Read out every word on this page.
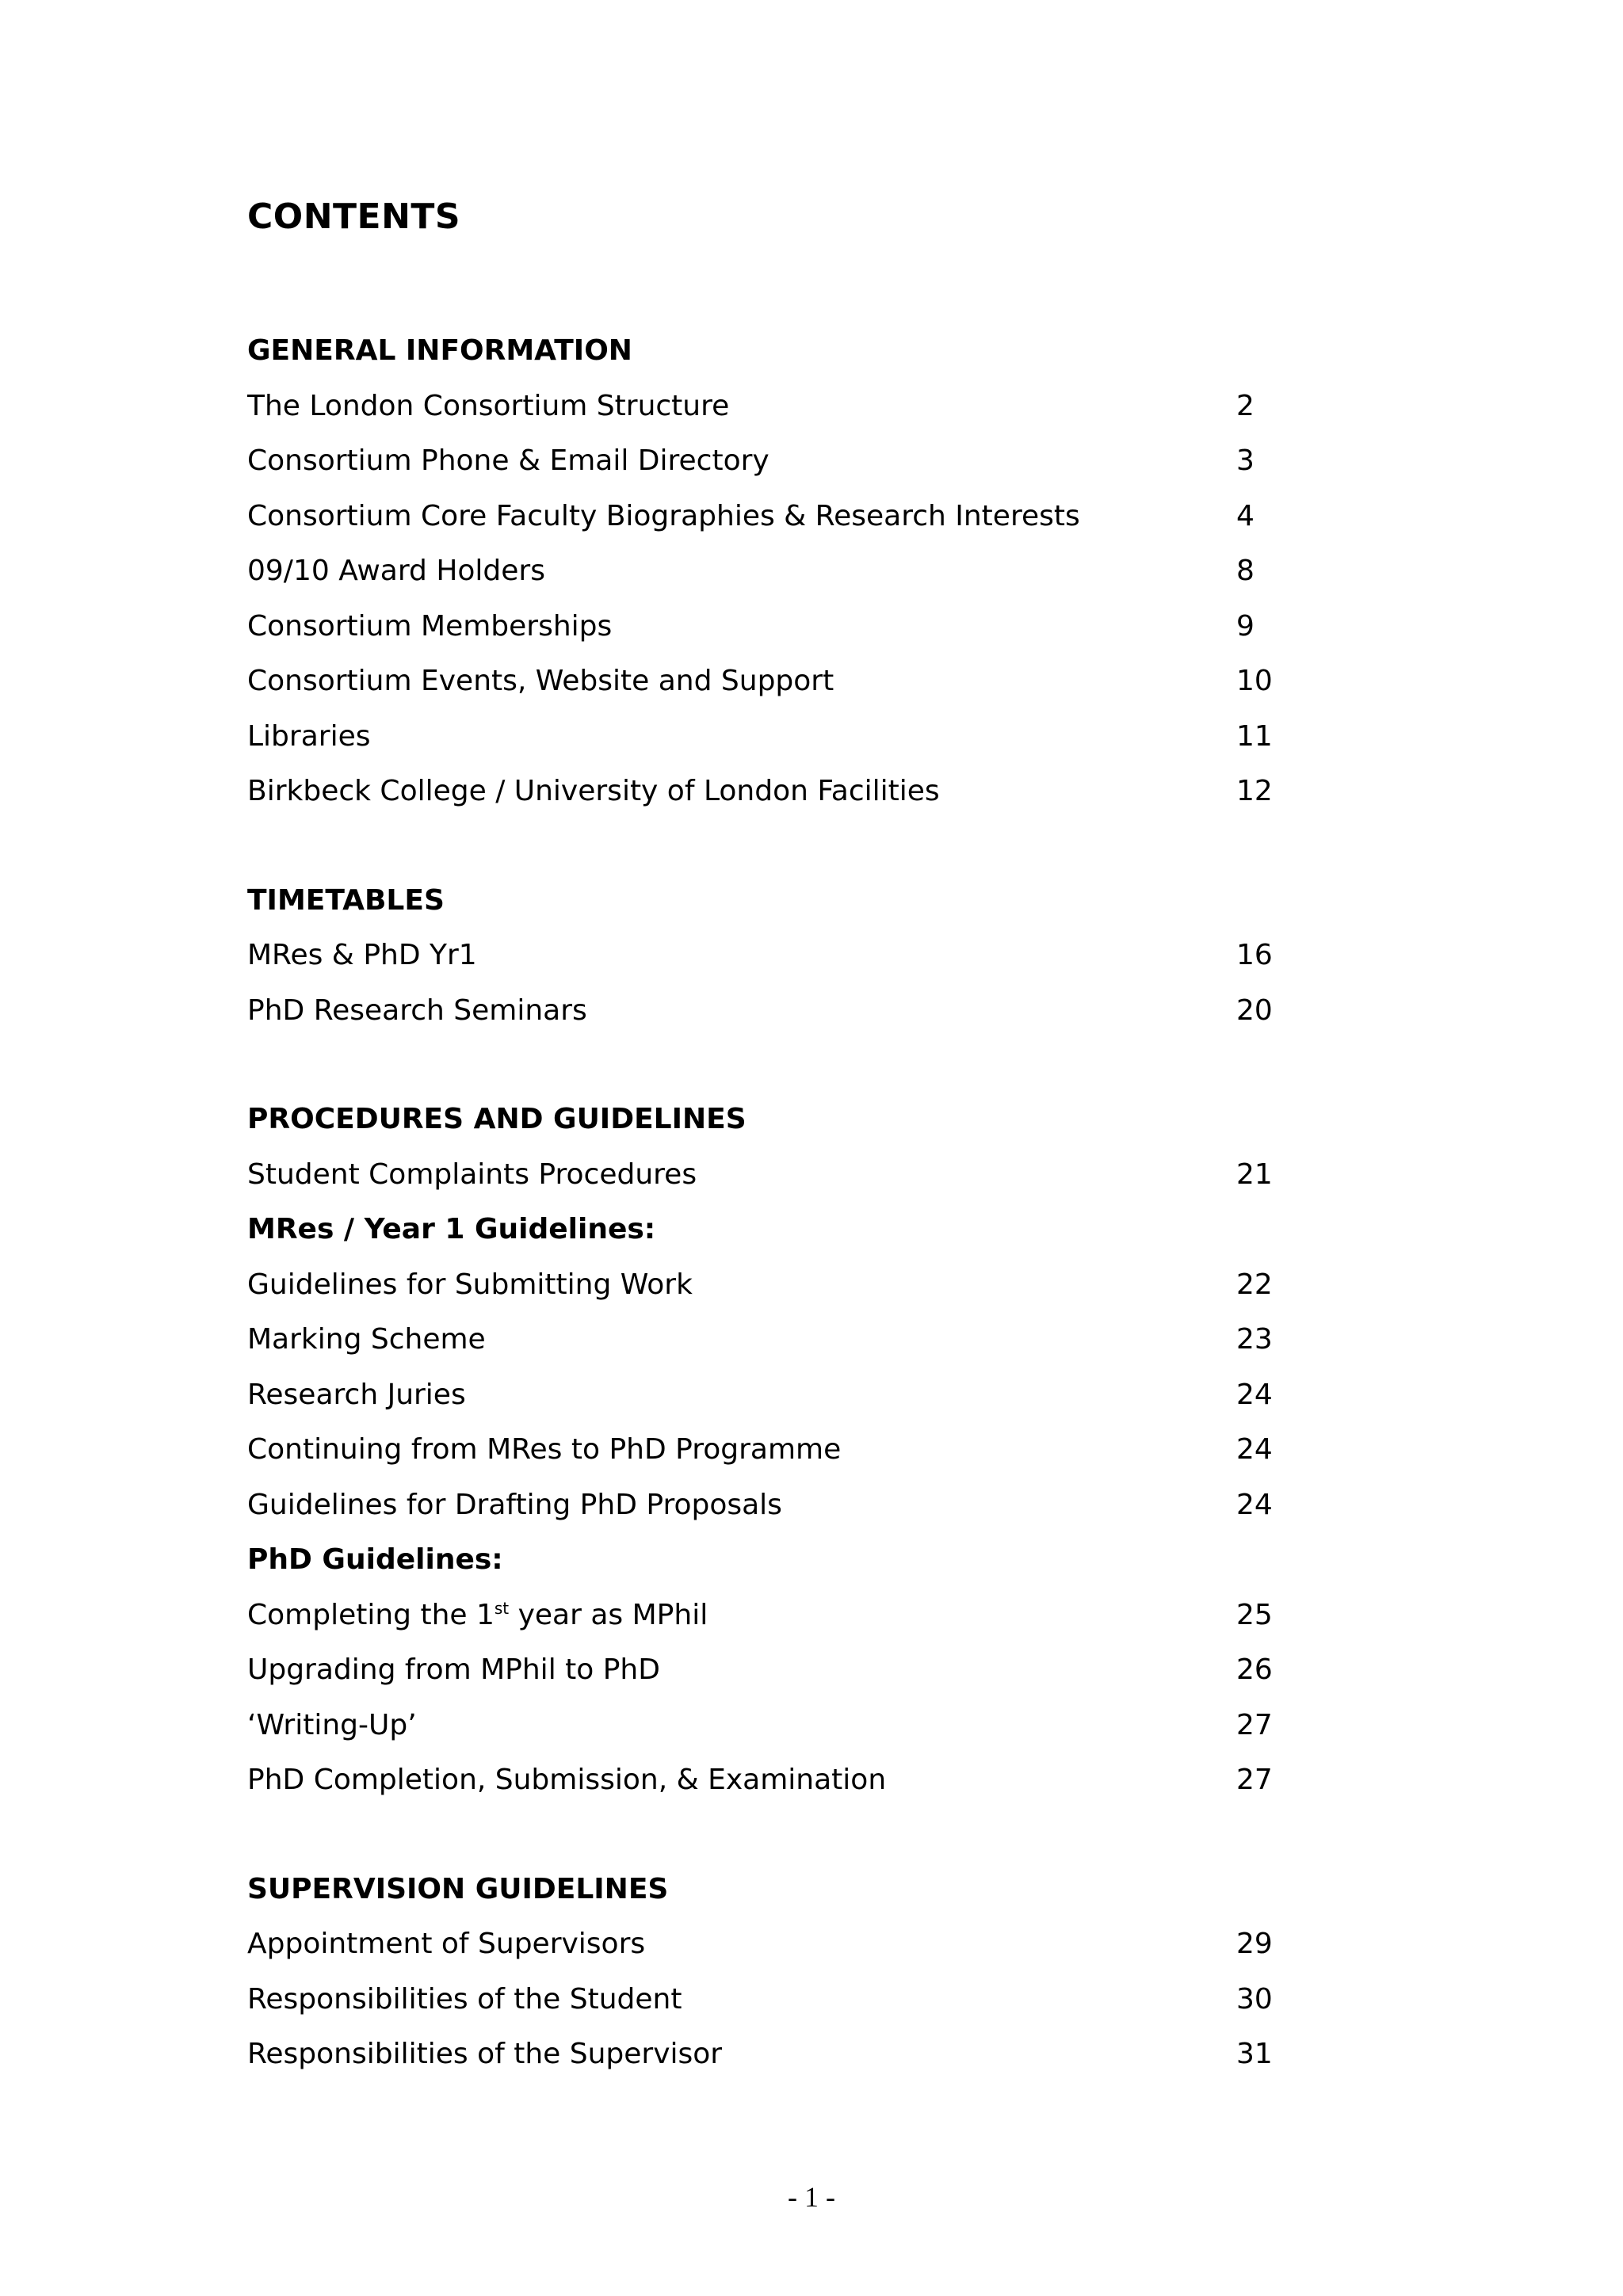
CONTENTS
GENERAL INFORMATION
The London Consortium Structure	2
Consortium Phone & Email Directory	3
Consortium Core Faculty Biographies & Research Interests	4
09/10 Award Holders	8
Consortium Memberships	9
Consortium Events, Website and Support	10
Libraries	11
Birkbeck College / University of London Facilities	12
TIMETABLES
MRes & PhD Yr1	16
PhD Research Seminars	20
PROCEDURES AND GUIDELINES
Student Complaints Procedures	21
MRes / Year 1 Guidelines:
Guidelines for Submitting Work	22
Marking Scheme	23
Research Juries	24
Continuing from MRes to PhD Programme	24
Guidelines for Drafting PhD Proposals	24
PhD Guidelines:
Completing the 1st year as MPhil	25
Upgrading from MPhil to PhD	26
‘Writing-Up’	27
PhD Completion, Submission, & Examination	27
SUPERVISION GUIDELINES
Appointment of Supervisors	29
Responsibilities of the Student	30
Responsibilities of the Supervisor	31
- 1 -
